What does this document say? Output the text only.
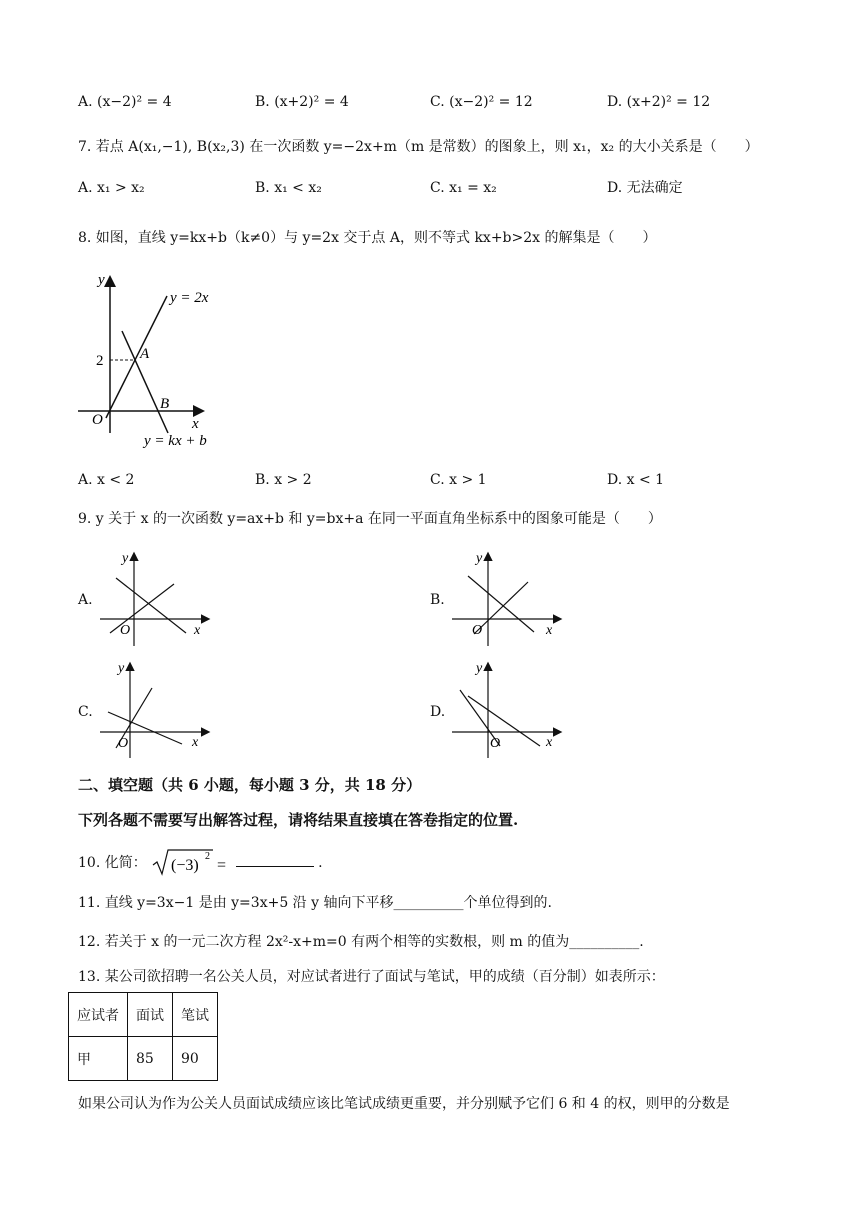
A. (x−2)² = 4	B. (x+2)² = 4	C. (x−2)² = 12	D. (x+2)² = 12
7. 若点 A(x₁,−1), B(x₂,3) 在一次函数 y=−2x+m（m 是常数）的图象上，则 x₁，x₂ 的大小关系是（　　）
A. x₁ > x₂	B. x₁ < x₂	C. x₁ = x₂	D. 无法确定
8. 如图，直线 y=kx+b（k≠0）与 y=2x 交于点 A，则不等式 kx+b>2x 的解集是（　　）
y
x
O
2 A
B
y = 2x
y = kx + b
A. x < 2	B. x > 2	C. x > 1	D. x < 1
9. y 关于 x 的一次函数 y=ax+b 和 y=bx+a 在同一平面直角坐标系中的图象可能是（　　）
A.
y
x
O
B.
y
x
O
C.
y
x
O
D.
y
x
O
二、填空题（共 6 小题，每小题 3 分，共 18 分）
下列各题不需要写出解答过程，请将结果直接填在答卷指定的位置.
10. 化简： (−3)
2
=	.
11. 直线 y=3x−1 是由 y=3x+5 沿 y 轴向下平移__________个单位得到的.
12. 若关于 x 的一元二次方程 2x²-x+m=0 有两个相等的实数根，则 m 的值为__________.
13. 某公司欲招聘一名公关人员，对应试者进行了面试与笔试，甲的成绩（百分制）如表所示：
应试者	面试	笔试
甲	85	90
如果公司认为作为公关人员面试成绩应该比笔试成绩更重要，并分别赋予它们 6 和 4 的权，则甲的分数是
